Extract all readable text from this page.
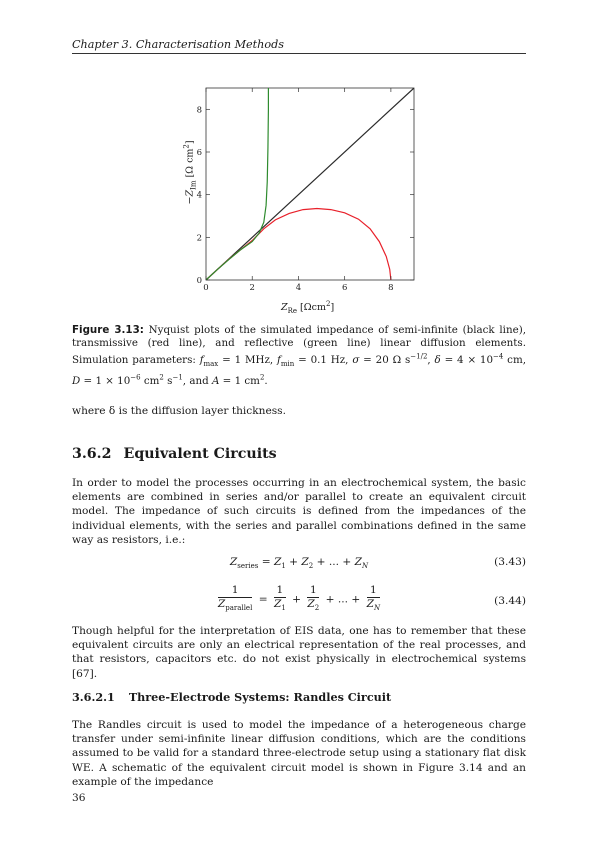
Chapter 3. Characterisation Methods
0	2	4	6	8
0
2
4
6
8
$-Z_{Im}$ [Ω $cm^2$]
$Z_{Re}$ [Ωcm$^2$]
Figure 3.13: Nyquist plots of the simulated impedance of semi-infinite (black line), transmissive (red line), and reflective (green line) linear diffusion elements. Simulation parameters: $f_{max} = 1$ MHz, $f_{min} = 0.1$ Hz, σ = 20 Ω $s^{-1/2}$, $\delta = 4 \times 10^{-4}$ cm, $D = 1 \times 10^{-6}$ $cm^2$ $s^{-1}$, and A = 1 $cm^2$.
where δ is the diffusion layer thickness.
3.6.2 Equivalent Circuits
In order to model the processes occurring in an electrochemical system, the basic elements are combined in series and/or parallel to create an equivalent circuit model. The impedance of such circuits is defined from the impedances of the individual elements, with the series and parallel combinations defined in the same way as resistors, i.e.:
$Z_{series} = Z_1 + Z_2$ + ... + $Z_N$	(3.43)
$\frac{1}{Z_{parallel}} = \frac{1}{Z_1} + \frac{1}{Z_2}$ + ... + $\frac{1}{Z_N}$	(3.44)
Though helpful for the interpretation of EIS data, one has to remember that these equivalent circuits are only an electrical representation of the real processes, and that resistors, capacitors etc. do not exist physically in electrochemical systems [67].
3.6.2.1 Three-Electrode Systems: Randles Circuit
The Randles circuit is used to model the impedance of a heterogeneous charge transfer under semi-infinite linear diffusion conditions, which are the conditions assumed to be valid for a standard three-electrode setup using a stationary flat disk WE. A schematic of the equivalent circuit model is shown in Figure 3.14 and an example of the impedance
36
